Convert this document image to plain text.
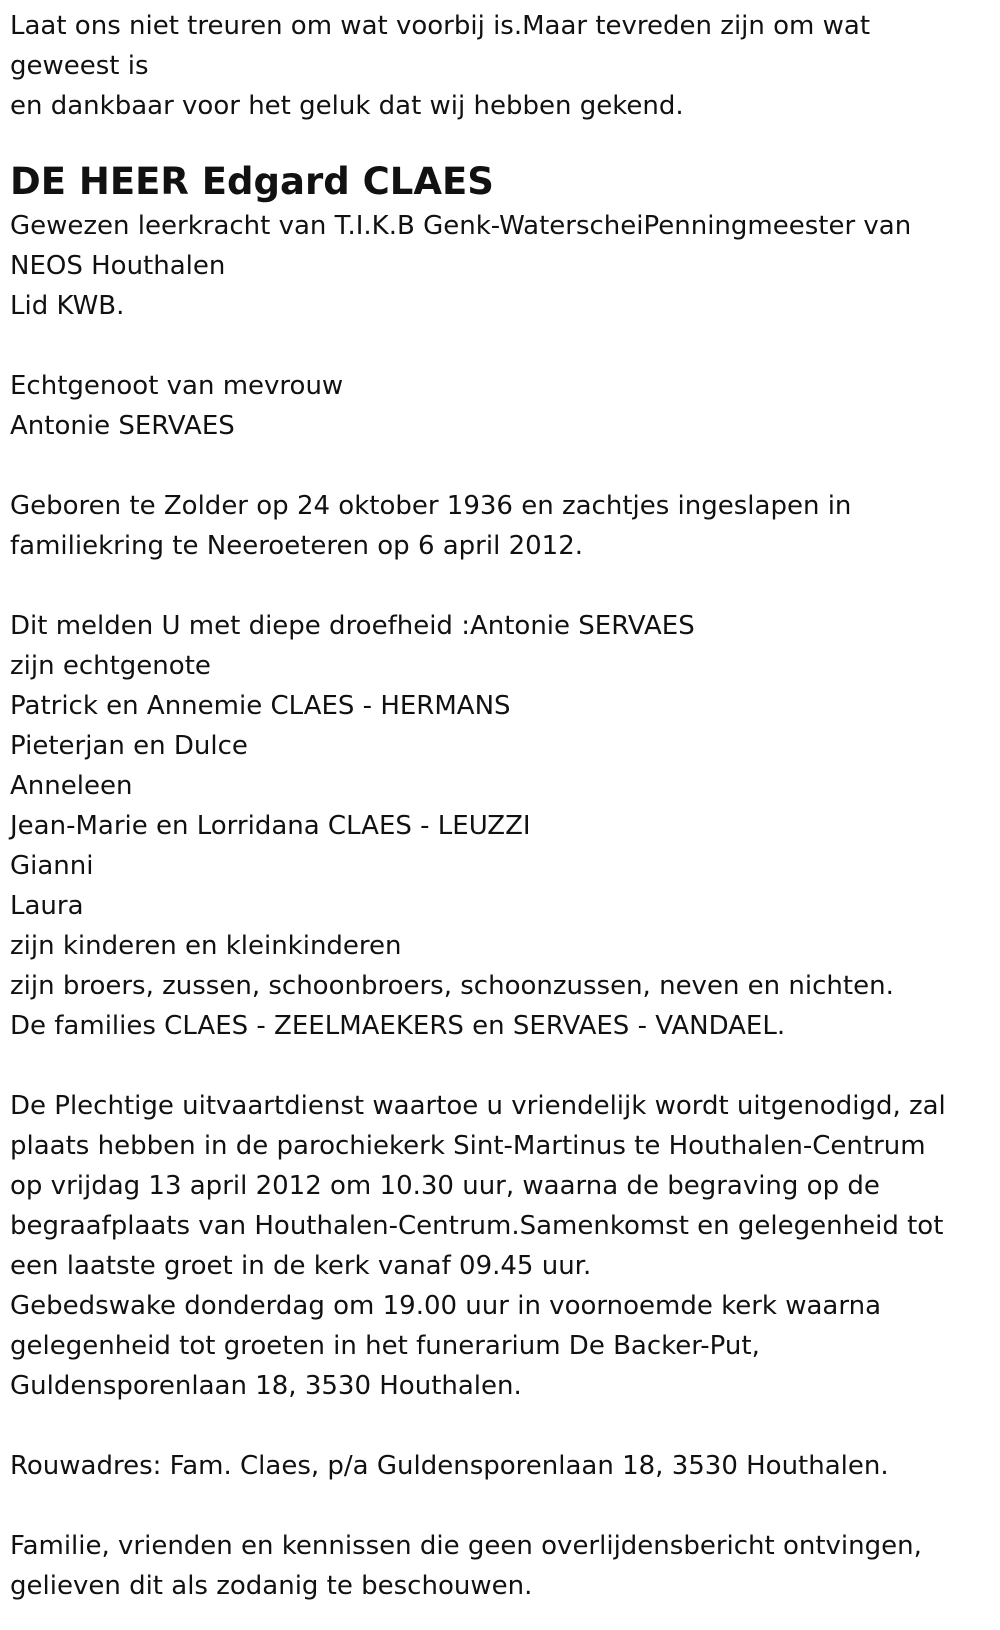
Laat ons niet treuren om wat voorbij is.Maar tevreden zijn om wat
geweest is
en dankbaar voor het geluk dat wij hebben gekend.
DE HEER Edgard CLAES
Gewezen leerkracht van T.I.K.B Genk-WaterscheiPenningmeester van
NEOS Houthalen
Lid KWB.
Echtgenoot van mevrouw
Antonie SERVAES
Geboren te Zolder op 24 oktober 1936 en zachtjes ingeslapen in
familiekring te Neeroeteren op 6 april 2012.
Dit melden U met diepe droefheid :Antonie SERVAES
zijn echtgenote
Patrick en Annemie CLAES - HERMANS
Pieterjan en Dulce
Anneleen
Jean-Marie en Lorridana CLAES - LEUZZI
Gianni
Laura
zijn kinderen en kleinkinderen
zijn broers, zussen, schoonbroers, schoonzussen, neven en nichten.
De families CLAES - ZEELMAEKERS en SERVAES - VANDAEL.
De Plechtige uitvaartdienst waartoe u vriendelijk wordt uitgenodigd, zal
plaats hebben in de parochiekerk Sint-Martinus te Houthalen-Centrum
op vrijdag 13 april 2012 om 10.30 uur, waarna de begraving op de
begraafplaats van Houthalen-Centrum.Samenkomst en gelegenheid tot
een laatste groet in de kerk vanaf 09.45 uur.
Gebedswake donderdag om 19.00 uur in voornoemde kerk waarna
gelegenheid tot groeten in het funerarium De Backer-Put,
Guldensporenlaan 18, 3530 Houthalen.
Rouwadres: Fam. Claes, p/a Guldensporenlaan 18, 3530 Houthalen.
Familie, vrienden en kennissen die geen overlijdensbericht ontvingen,
gelieven dit als zodanig te beschouwen.
